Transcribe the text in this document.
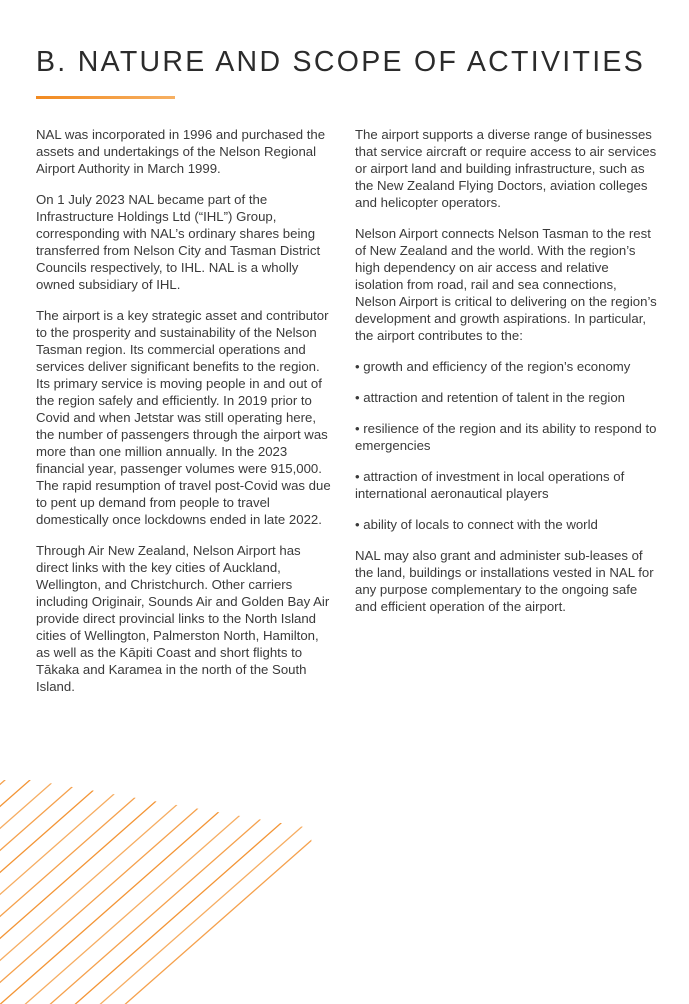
B. NATURE AND SCOPE OF ACTIVITIES

NAL was incorporated in 1996 and purchased the assets and undertakings of the Nelson Regional Airport Authority in March 1999.

On 1 July 2023 NAL became part of the Infrastructure Holdings Ltd (“IHL”) Group, corresponding with NAL’s ordinary shares being transferred from Nelson City and Tasman District Councils respectively, to IHL. NAL is a wholly owned subsidiary of IHL.

The airport is a key strategic asset and contributor to the prosperity and sustainability of the Nelson Tasman region. Its commercial operations and services deliver significant benefits to the region. Its primary service is moving people in and out of the region safely and efficiently. In 2019 prior to Covid and when Jetstar was still operating here, the number of passengers through the airport was more than one million annually. In the 2023 financial year, passenger volumes were 915,000. The rapid resumption of travel post-Covid was due to pent up demand from people to travel domestically once lockdowns ended in late 2022.

Through Air New Zealand, Nelson Airport has direct links with the key cities of Auckland, Wellington, and Christchurch. Other carriers including Originair, Sounds Air and Golden Bay Air provide direct provincial links to the North Island cities of Wellington, Palmerston North, Hamilton, as well as the Kāpiti Coast and short flights to Tākaka and Karamea in the north of the South Island.

The airport supports a diverse range of businesses that service aircraft or require access to air services or airport land and building infrastructure, such as the New Zealand Flying Doctors, aviation colleges and helicopter operators.

Nelson Airport connects Nelson Tasman to the rest of New Zealand and the world. With the region’s high dependency on air access and relative isolation from road, rail and sea connections, Nelson Airport is critical to delivering on the region’s development and growth aspirations. In particular, the airport contributes to the:

• growth and efficiency of the region’s economy

• attraction and retention of talent in the region

• resilience of the region and its ability to respond to emergencies

• attraction of investment in local operations of international aeronautical players

• ability of locals to connect with the world

NAL may also grant and administer sub-leases of the land, buildings or installations vested in NAL for any purpose complementary to the ongoing safe and efficient operation of the airport.
